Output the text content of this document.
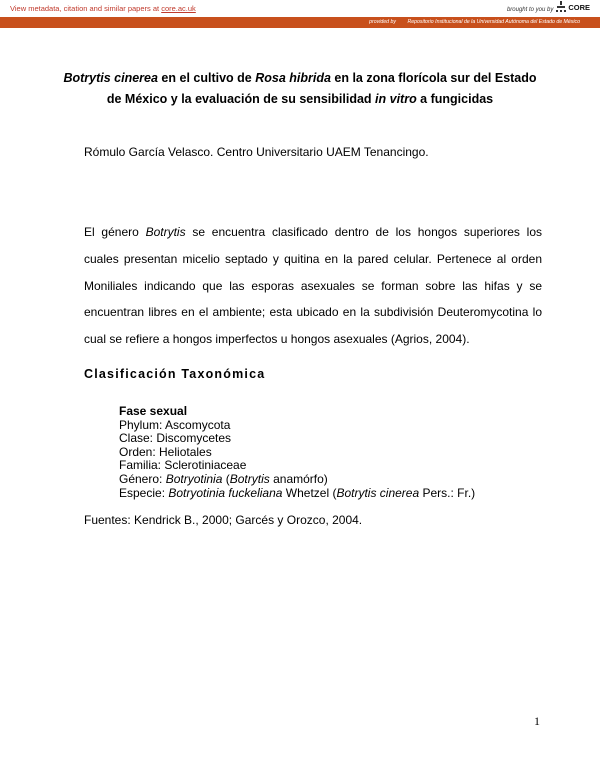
View metadata, citation and similar papers at core.ac.uk	brought to you by CORE
provided by Repositorio Institucional de la Universidad Autónoma del Estado de México
Botrytis cinerea en el cultivo de Rosa hibrida en la zona florícola sur del Estado de México y la evaluación de su sensibilidad in vitro a fungicidas
Rómulo García Velasco. Centro Universitario UAEM Tenancingo.
El género Botrytis se encuentra clasificado dentro de los hongos superiores los cuales presentan micelio septado y quitina en la pared celular. Pertenece al orden Moniliales indicando que las esporas asexuales se forman sobre las hifas y se encuentran libres en el ambiente; esta ubicado en la subdivisión Deuteromycotina lo cual se refiere a hongos imperfectos u hongos asexuales (Agrios, 2004).
Clasificación Taxonómica
Fase sexual
Phylum: Ascomycota
Clase: Discomycetes
Orden: Heliotales
Familia: Sclerotiniaceae
Género: Botryotinia (Botrytis anamórfo)
Especie: Botryotinia fuckeliana Whetzel (Botrytis cinerea Pers.: Fr.)
Fuentes: Kendrick B., 2000; Garcés y Orozco, 2004.
1
